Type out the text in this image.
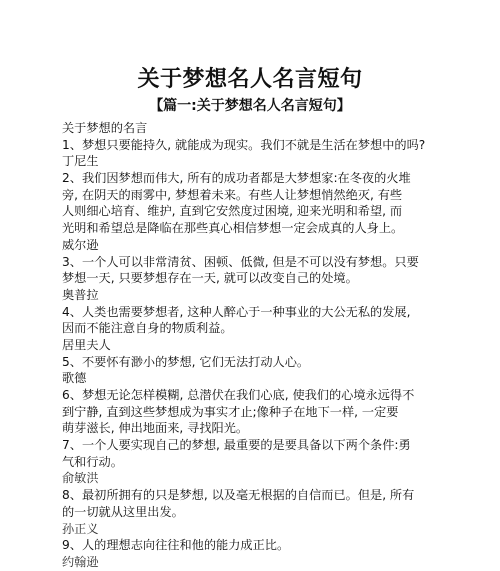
关于梦想名人名言短句
【篇一:关于梦想名人名言短句】
关于梦想的名言
1、梦想只要能持久, 就能成为现实。我们不就是生活在梦想中的吗?
丁尼生
2、我们因梦想而伟大, 所有的成功者都是大梦想家:在冬夜的火堆
旁, 在阴天的雨雾中, 梦想着未来。有些人让梦想悄然绝灭, 有些
人则细心培育、维护, 直到它安然度过困境, 迎来光明和希望, 而
光明和希望总是降临在那些真心相信梦想一定会成真的人身上。
威尔逊
3、一个人可以非常清贫、困顿、低微, 但是不可以没有梦想。只要
梦想一天, 只要梦想存在一天, 就可以改变自己的处境。
奥普拉
4、人类也需要梦想者, 这种人醉心于一种事业的大公无私的发展,
因而不能注意自身的物质利益。
居里夫人
5、不要怀有渺小的梦想, 它们无法打动人心。
歌德
6、梦想无论怎样模糊, 总潜伏在我们心底, 使我们的心境永远得不
到宁静, 直到这些梦想成为事实才止;像种子在地下一样, 一定要
萌芽滋长, 伸出地面来, 寻找阳光。
7、一个人要实现自己的梦想, 最重要的是要具备以下两个条件:勇
气和行动。
俞敏洪
8、最初所拥有的只是梦想, 以及毫无根据的自信而已。但是, 所有
的一切就从这里出发。
孙正义
9、人的理想志向往往和他的能力成正比。
约翰逊
